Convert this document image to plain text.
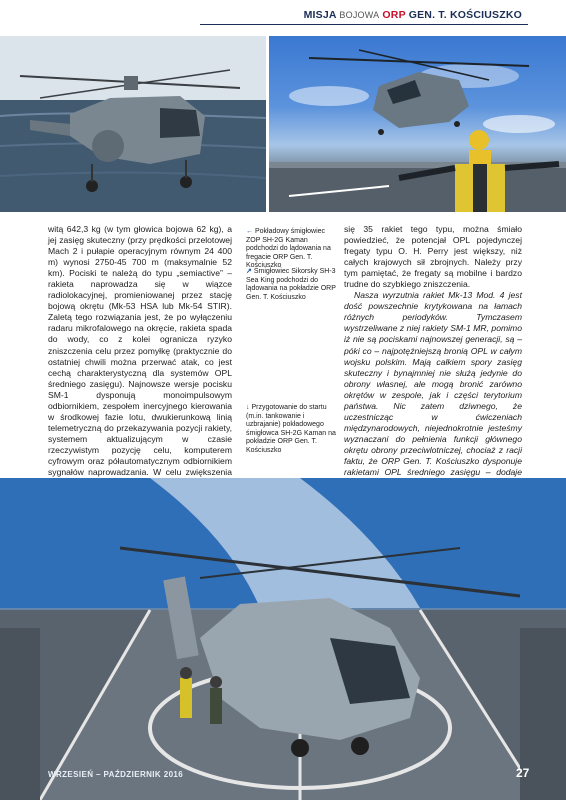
MISJA BOJOWA ORP GEN. T. KOŚCIUSZKO

witą 642,3 kg (w tym głowica bojowa 62 kg), a jej zasięg skuteczny (przy prędkości przelotowej Mach 2 i pułapie operacyjnym równym 24 400 m) wynosi 2750-45 700 m (maksymalnie 52 km). Pociski te należą do typu „semiactive” – rakieta naprowadza się w wiązce radiolokacyjnej, promieniowanej przez stację bojową okrętu (Mk-53 HSA lub Mk-54 STIR). Zaletą tego rozwiązania jest, że po wyłączeniu radaru mikrofalowego na okręcie, rakieta spada do wody, co z kolei ogranicza ryzyko zniszczenia celu przez pomyłkę (praktycznie do ostatniej chwili można przerwać atak, co jest cechą charakterystyczną dla systemów OPL średniego zasięgu). Najnowsze wersje pocisku SM-1 dysponują monoimpulsowym odbiornikiem, zespołem inercyjnego kierowania w środkowej fazie lotu, dwukierunkową linią telemetryczną do przekazywania pozycji rakiety, systemem aktualizującym w czasie rzeczywistym pozycję celu, komputerem cyfrowym oraz półautomatycznym odbiornikiem sygnałów naprowadzania. W celu zwiększenia

← Pokładowy śmigłowiec ZOP SH-2G Kaman podchodzi do lądowania na fregacie ORP Gen. T. Kościuszko
↗ Śmigłowiec Sikorsky SH-3 Sea King podchodzi do lądowania na pokładzie ORP Gen. T. Kościuszko
↓ Przygotowanie do startu (m.in. tankowanie i uzbrajanie) pokładowego śmigłowca SH-2G Kaman na pokładzie ORP Gen. T. Kościuszko

się 35 rakiet tego typu, można śmiało powiedzieć, że potencjał OPL pojedynczej fregaty typu O. H. Perry jest większy, niż całych krajowych sił zbrojnych. Należy przy tym pamiętać, że fregaty są mobilne i bardzo trudne do szybkiego zniszczenia.

Nasza wyrzutnia rakiet Mk-13 Mod. 4 jest dość powszechnie krytykowana na łamach różnych periodyków. Tymczasem wystrzeliwane z niej rakiety SM-1 MR, pomimo iż nie są pociskami najnowszej generacji, są – póki co – najpotężniejszą bronią OPL w całym wojsku polskim. Mają całkiem spory zasięg skuteczny i bynajmniej nie służą jedynie do obrony własnej, ale mogą bronić zarówno okrętów w zespole, jak i części terytorium państwa. Nic zatem dziwnego, że uczestnicząc w ćwiczeniach międzynarodowych, niejednokrotnie jesteśmy wyznaczani do pełnienia funkcji głównego okrętu obrony przeciwlotniczej, chociaż z racji faktu, że ORP Gen. T. Kościuszko dysponuje rakietami OPL średniego zasięgu – dodaje

WRZESIEŃ – PAŹDZIERNIK 2016	27
